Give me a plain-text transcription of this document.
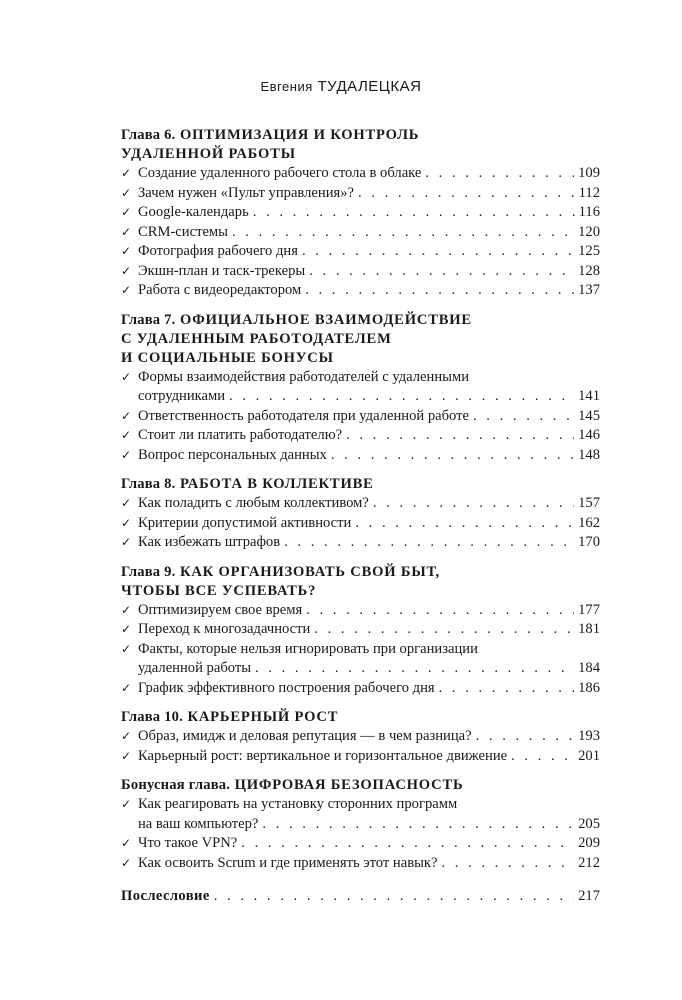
Евгения ТУДАЛЕЦКАЯ
Глава 6. ОПТИМИЗАЦИЯ И КОНТРОЛЬ
УДАЛЕННОЙ РАБОТЫ
✓ Создание удаленного рабочего стола в облаке . . .	109
✓ Зачем нужен «Пульт управления»? . . .	112
✓ Google-календарь . . .	116
✓ CRM-системы . . .	120
✓ Фотография рабочего дня . . .	125
✓ Экшн-план и таск-трекеры . . .	128
✓ Работа с видеоредактором . . .	137
Глава 7. ОФИЦИАЛЬНОЕ ВЗАИМОДЕЙСТВИЕ
С УДАЛЕННЫМ РАБОТОДАТЕЛЕМ
И СОЦИАЛЬНЫЕ БОНУСЫ
✓ Формы взаимодействия работодателей с удаленными
сотрудниками . . .	141
✓ Ответственность работодателя при удаленной работе . . .	145
✓ Стоит ли платить работодателю? . . .	146
✓ Вопрос персональных данных . . .	148
Глава 8. РАБОТА В КОЛЛЕКТИВЕ
✓ Как поладить с любым коллективом? . . .	157
✓ Критерии допустимой активности . . .	162
✓ Как избежать штрафов . . .	170
Глава 9. КАК ОРГАНИЗОВАТЬ СВОЙ БЫТ,
ЧТОБЫ ВСЕ УСПЕВАТЬ?
✓ Оптимизируем свое время . . .	177
✓ Переход к многозадачности . . .	181
✓ Факты, которые нельзя игнорировать при организации
удаленной работы . . .	184
✓ График эффективного построения рабочего дня . . .	186
Глава 10. КАРЬЕРНЫЙ РОСТ
✓ Образ, имидж и деловая репутация — в чем разница? . . .	193
✓ Карьерный рост: вертикальное и горизонтальное движение . . .	201
Бонусная глава. ЦИФРОВАЯ БЕЗОПАСНОСТЬ
✓ Как реагировать на установку сторонних программ
на ваш компьютер? . . .	205
✓ Что такое VPN? . . .	209
✓ Как освоить Scrum и где применять этот навык? . . .	212
Послесловие . . .	217
